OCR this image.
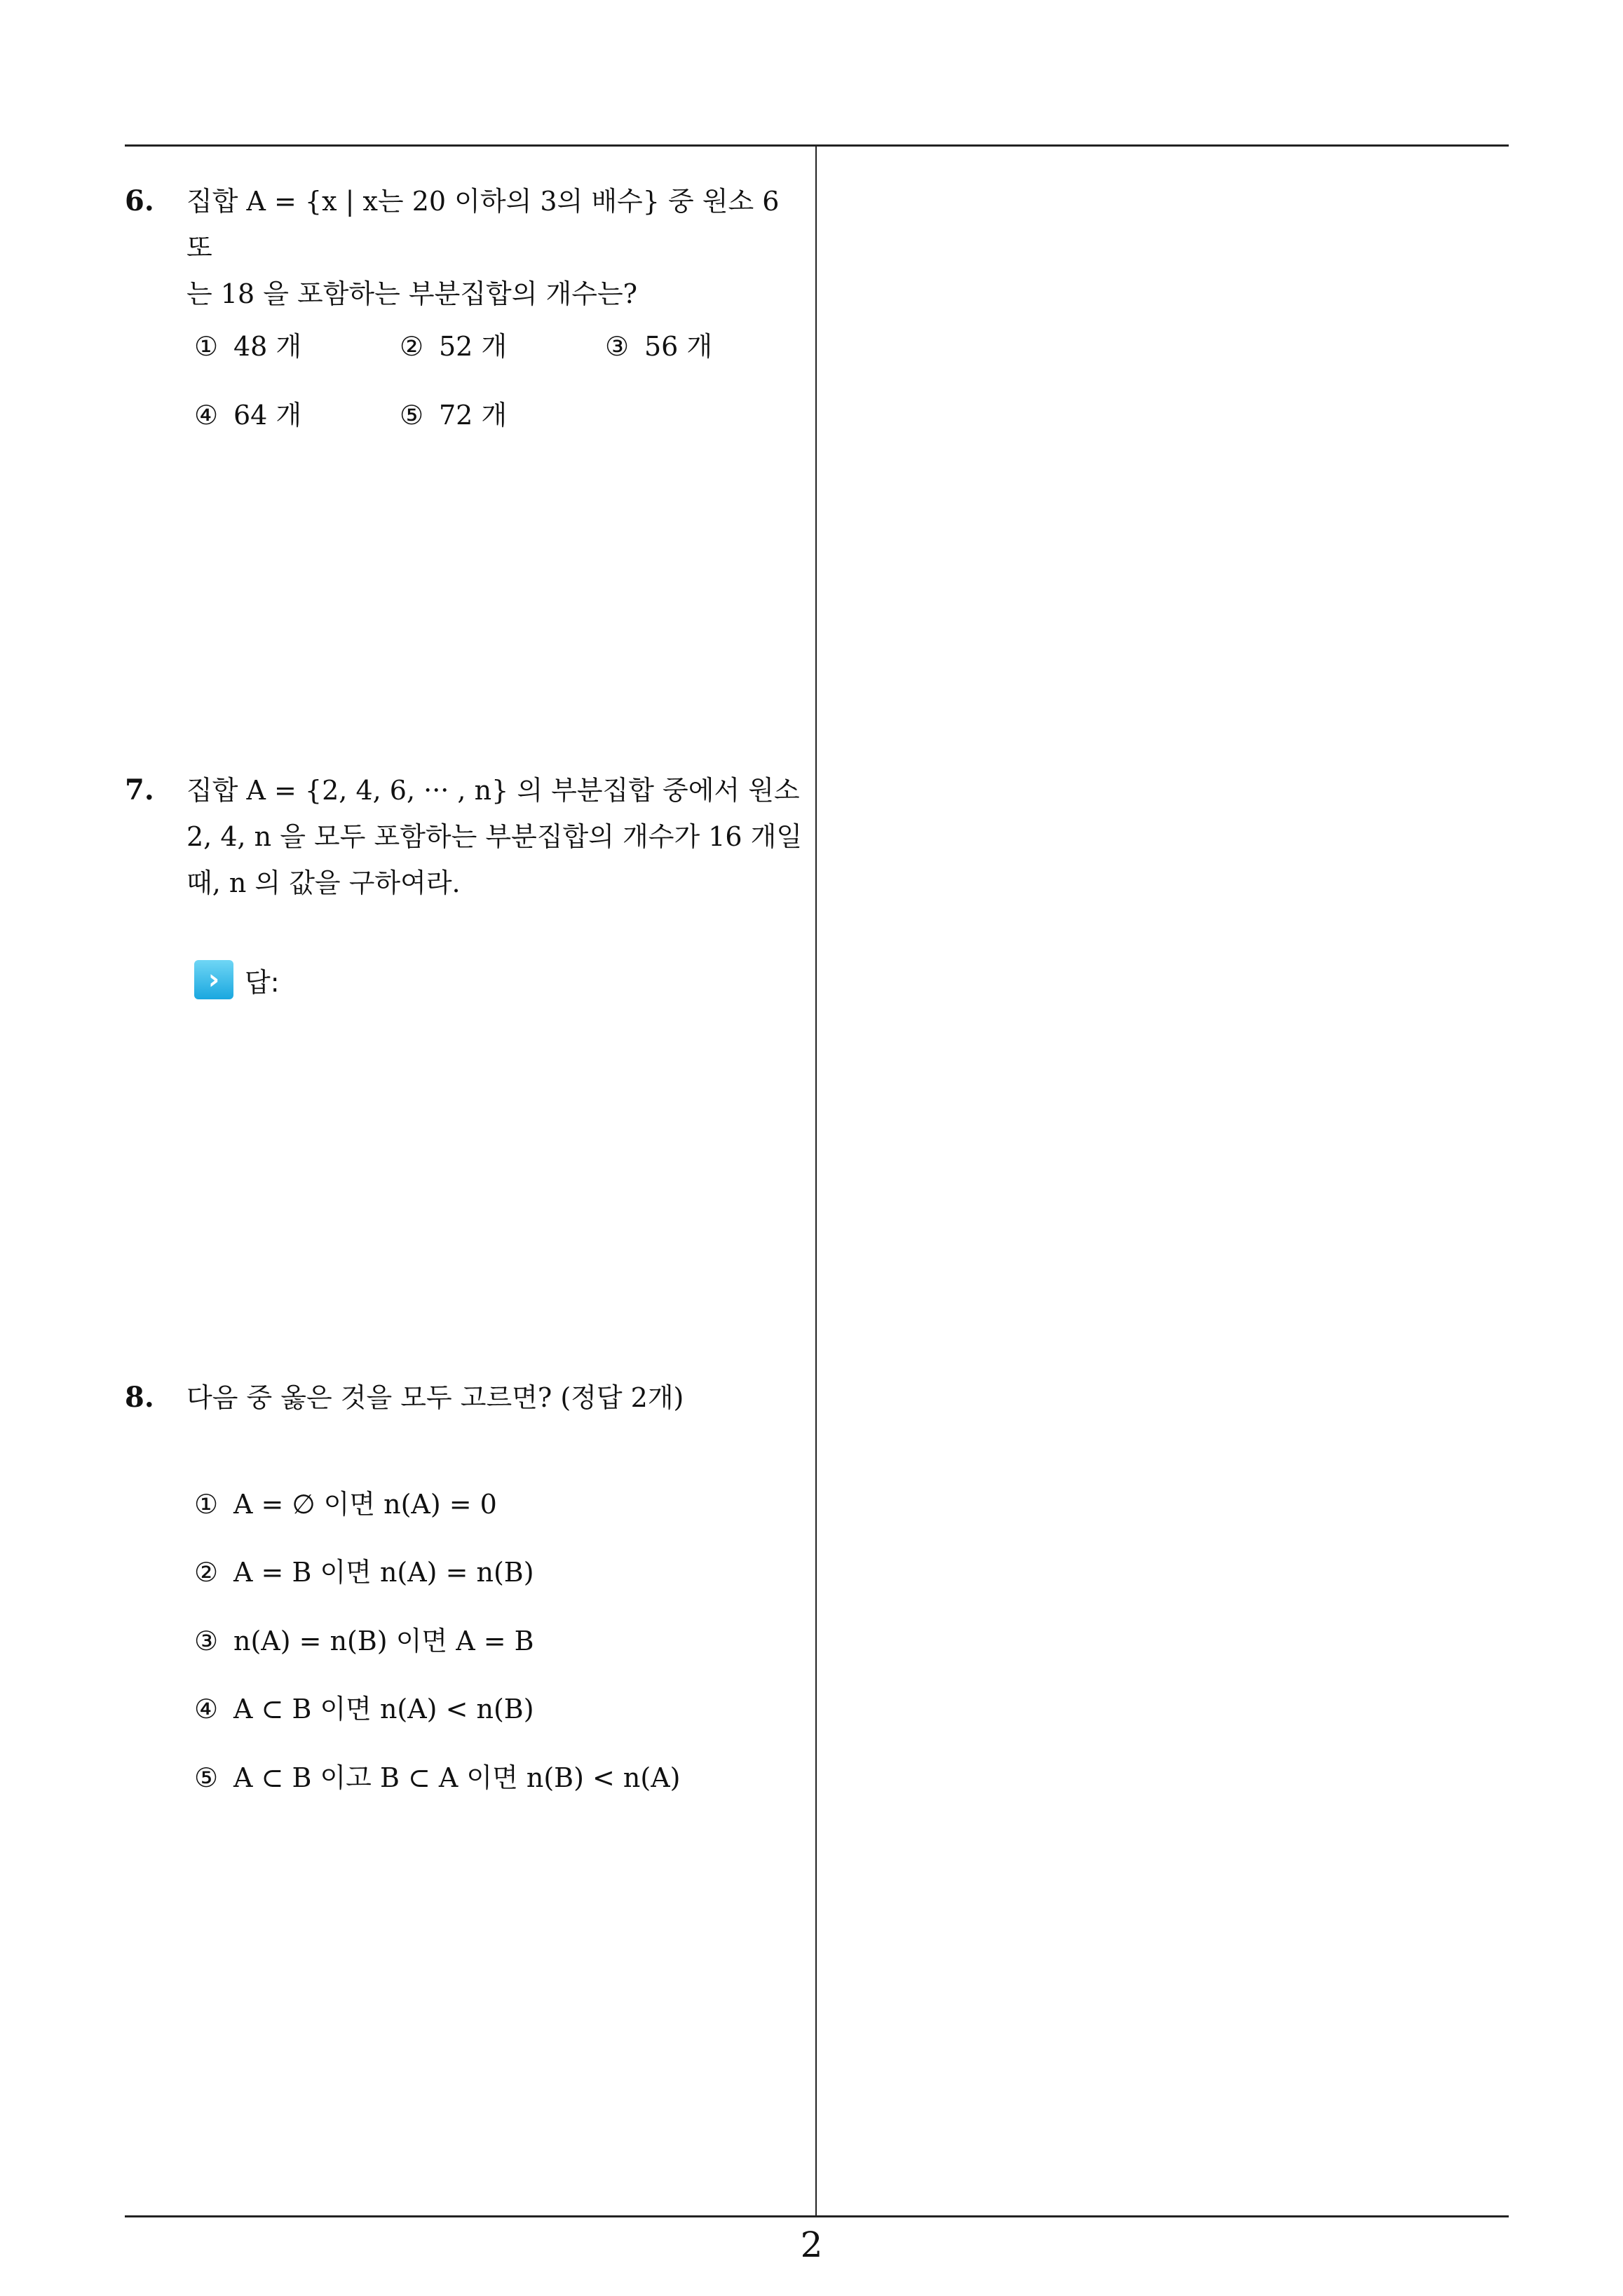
6. 집합 A = {x | x는 20 이하의 3의 배수} 중 원소 6 또

는 18 을 포함하는 부분집합의 개수는?

① 48 개	② 52 개	③ 56 개
④ 64 개	⑤ 72 개
7. 집합 A = {2, 4, 6, ··· , n} 의 부분집합 중에서 원소

2, 4, n 을 모두 포함하는 부분집합의 개수가 16 개일

때, n 의 값을 구하여라.

› 답:
8. 다음 중 옳은 것을 모두 고르면? (정답 2개)

① A = ∅ 이면 n(A) = 0
② A = B 이면 n(A) = n(B)
③ n(A) = n(B) 이면 A = B
④ A ⊂ B 이면 n(A) < n(B)
⑤ A ⊂ B 이고 B ⊂ A 이면 n(B) < n(A)
2
